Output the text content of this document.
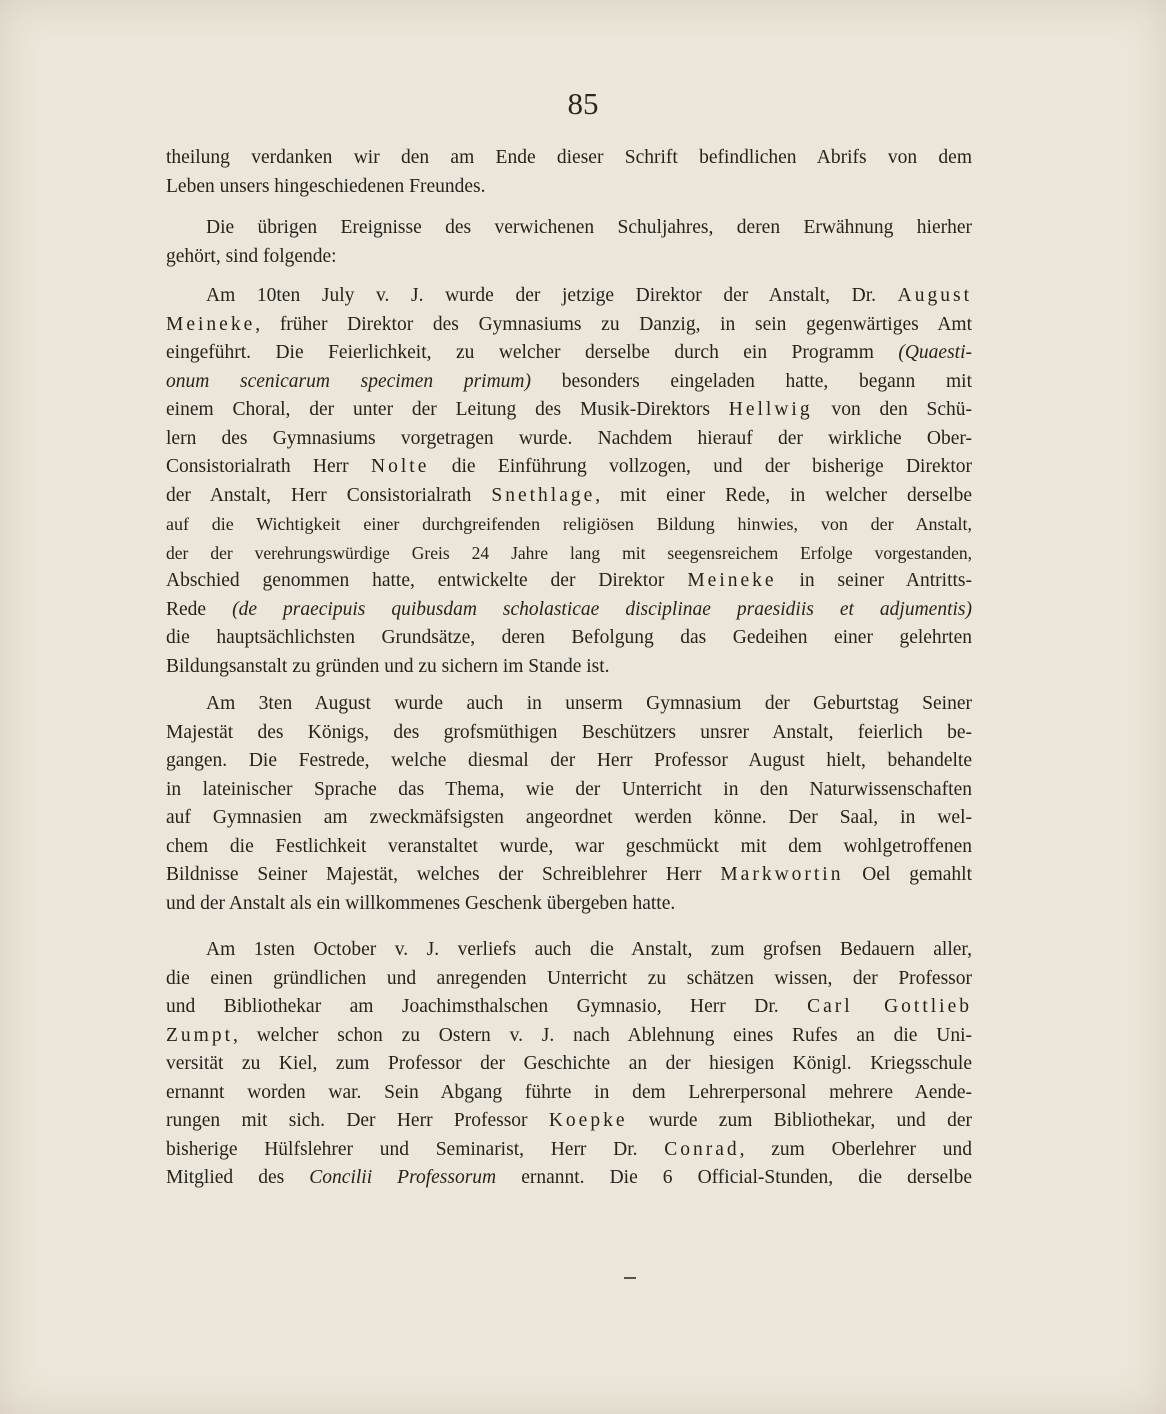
85
theilung verdanken wir den am Ende dieser Schrift befindlichen Abrifs von dem
Leben unsers hingeschiedenen Freundes.
Die übrigen Ereignisse des verwichenen Schuljahres, deren Erwähnung hierher
gehört, sind folgende:
Am 10ten July v. J. wurde der jetzige Direktor der Anstalt, Dr. August
Meineke, früher Direktor des Gymnasiums zu Danzig, in sein gegenwärtiges Amt
eingeführt. Die Feierlichkeit, zu welcher derselbe durch ein Programm (Quaesti-
onum scenicarum specimen primum) besonders eingeladen hatte, begann mit
einem Choral, der unter der Leitung des Musik-Direktors Hellwig von den Schü-
lern des Gymnasiums vorgetragen wurde. Nachdem hierauf der wirkliche Ober-
Consistorialrath Herr Nolte die Einführung vollzogen, und der bisherige Direktor
der Anstalt, Herr Consistorialrath Snethlage, mit einer Rede, in welcher derselbe
auf die Wichtigkeit einer durchgreifenden religiösen Bildung hinwies, von der Anstalt,
der der verehrungswürdige Greis 24 Jahre lang mit seegensreichem Erfolge vorgestanden,
Abschied genommen hatte, entwickelte der Direktor Meineke in seiner Antritts-
Rede (de praecipuis quibusdam scholasticae disciplinae praesidiis et adjumentis)
die hauptsächlichsten Grundsätze, deren Befolgung das Gedeihen einer gelehrten
Bildungsanstalt zu gründen und zu sichern im Stande ist.
Am 3ten August wurde auch in unserm Gymnasium der Geburtstag Seiner
Majestät des Königs, des grofsmüthigen Beschützers unsrer Anstalt, feierlich be-
gangen. Die Festrede, welche diesmal der Herr Professor August hielt, behandelte
in lateinischer Sprache das Thema, wie der Unterricht in den Naturwissenschaften
auf Gymnasien am zweckmäfsigsten angeordnet werden könne. Der Saal, in wel-
chem die Festlichkeit veranstaltet wurde, war geschmückt mit dem wohlgetroffenen
Bildnisse Seiner Majestät, welches der Schreiblehrer Herr Markwortin Oel gemahlt
und der Anstalt als ein willkommenes Geschenk übergeben hatte.
Am 1sten October v. J. verliefs auch die Anstalt, zum grofsen Bedauern aller,
die einen gründlichen und anregenden Unterricht zu schätzen wissen, der Professor
und Bibliothekar am Joachimsthalschen Gymnasio, Herr Dr. Carl Gottlieb
Zumpt, welcher schon zu Ostern v. J. nach Ablehnung eines Rufes an die Uni-
versität zu Kiel, zum Professor der Geschichte an der hiesigen Königl. Kriegsschule
ernannt worden war. Sein Abgang führte in dem Lehrerpersonal mehrere Aende-
rungen mit sich. Der Herr Professor Koepke wurde zum Bibliothekar, und der
bisherige Hülfslehrer und Seminarist, Herr Dr. Conrad, zum Oberlehrer und
Mitglied des Concilii Professorum ernannt. Die 6 Official-Stunden, die derselbe
